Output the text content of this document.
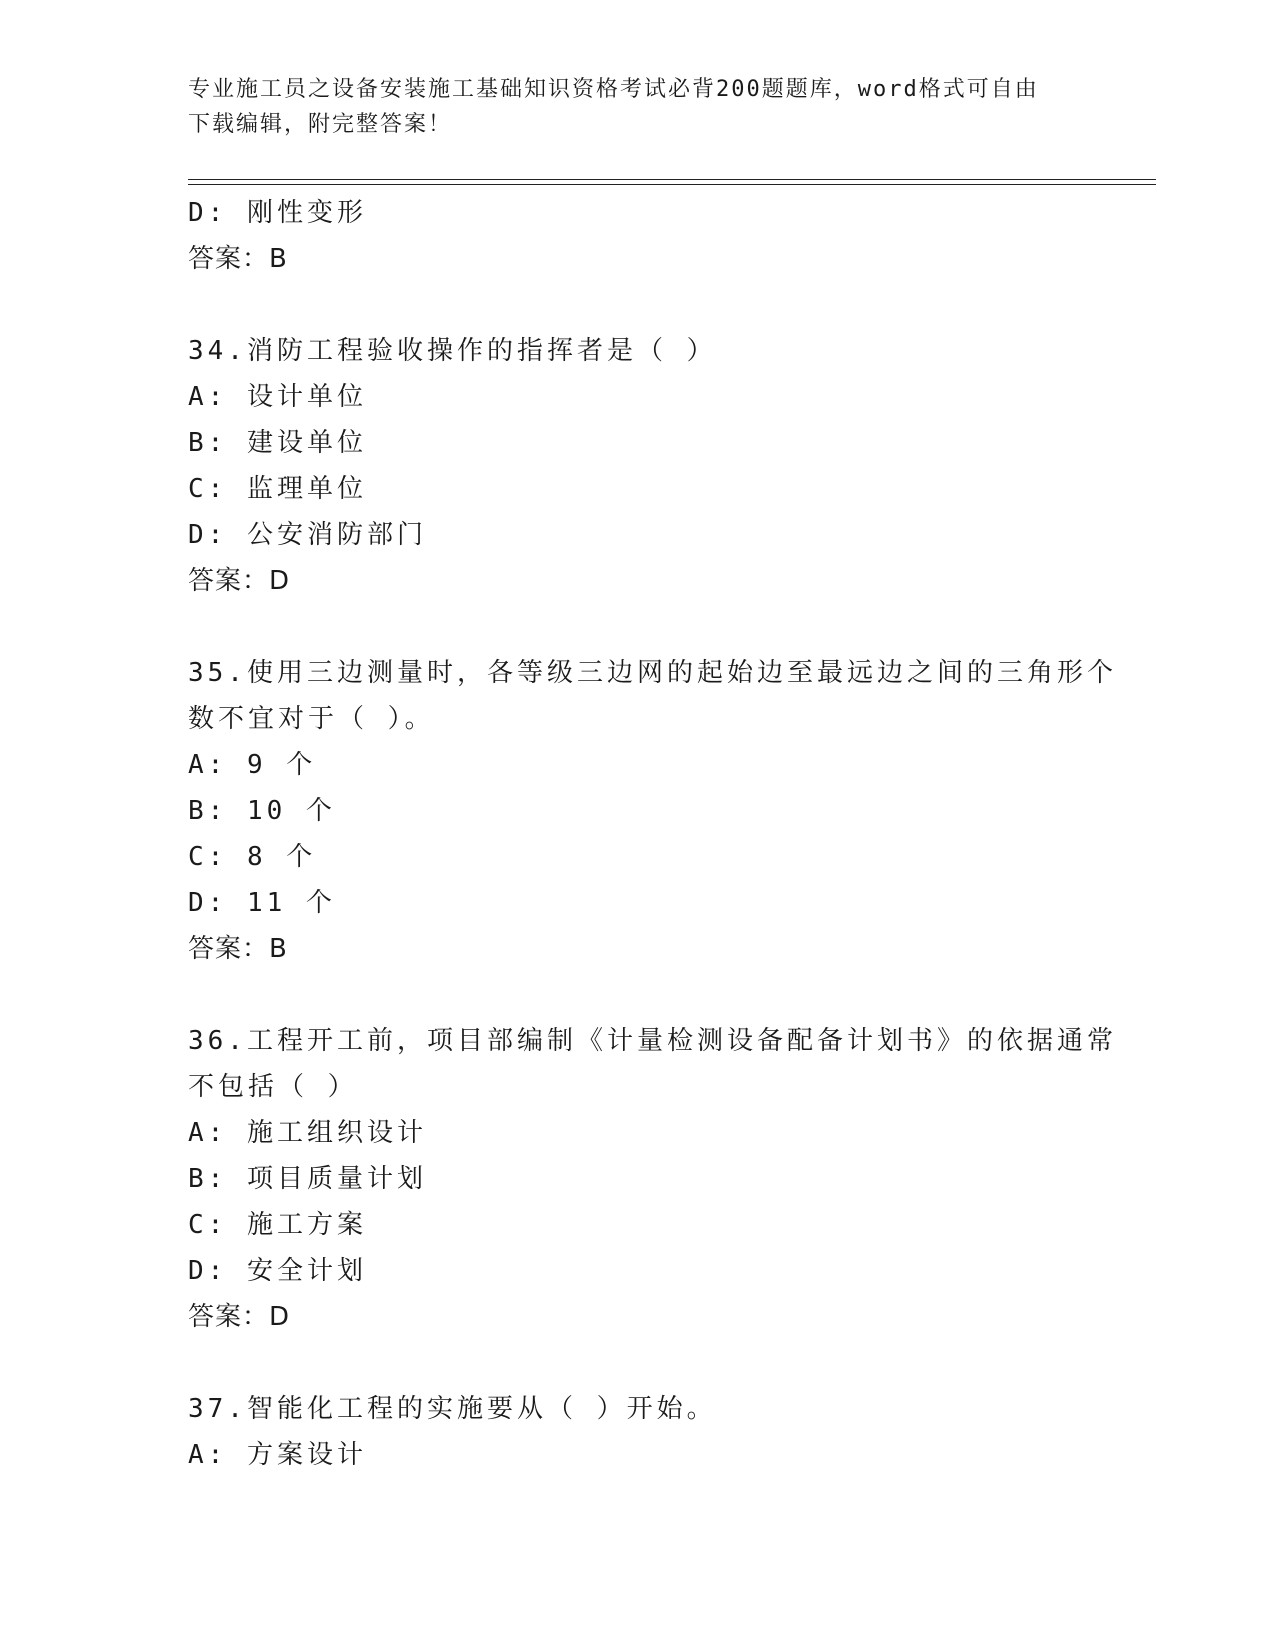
专业施工员之设备安装施工基础知识资格考试必背200题题库，word格式可自由
下载编辑，附完整答案！
D: 刚性变形
答案：B
34.消防工程验收操作的指挥者是（ ）
A: 设计单位
B: 建设单位
C: 监理单位
D: 公安消防部门
答案：D
35.使用三边测量时，各等级三边网的起始边至最远边之间的三角形个
数不宜对于（ ）。
A: 9 个
B: 10 个
C: 8 个
D: 11 个
答案：B
36.工程开工前，项目部编制《计量检测设备配备计划书》的依据通常
不包括（ ）
A: 施工组织设计
B: 项目质量计划
C: 施工方案
D: 安全计划
答案：D
37.智能化工程的实施要从（ ）开始。
A: 方案设计
